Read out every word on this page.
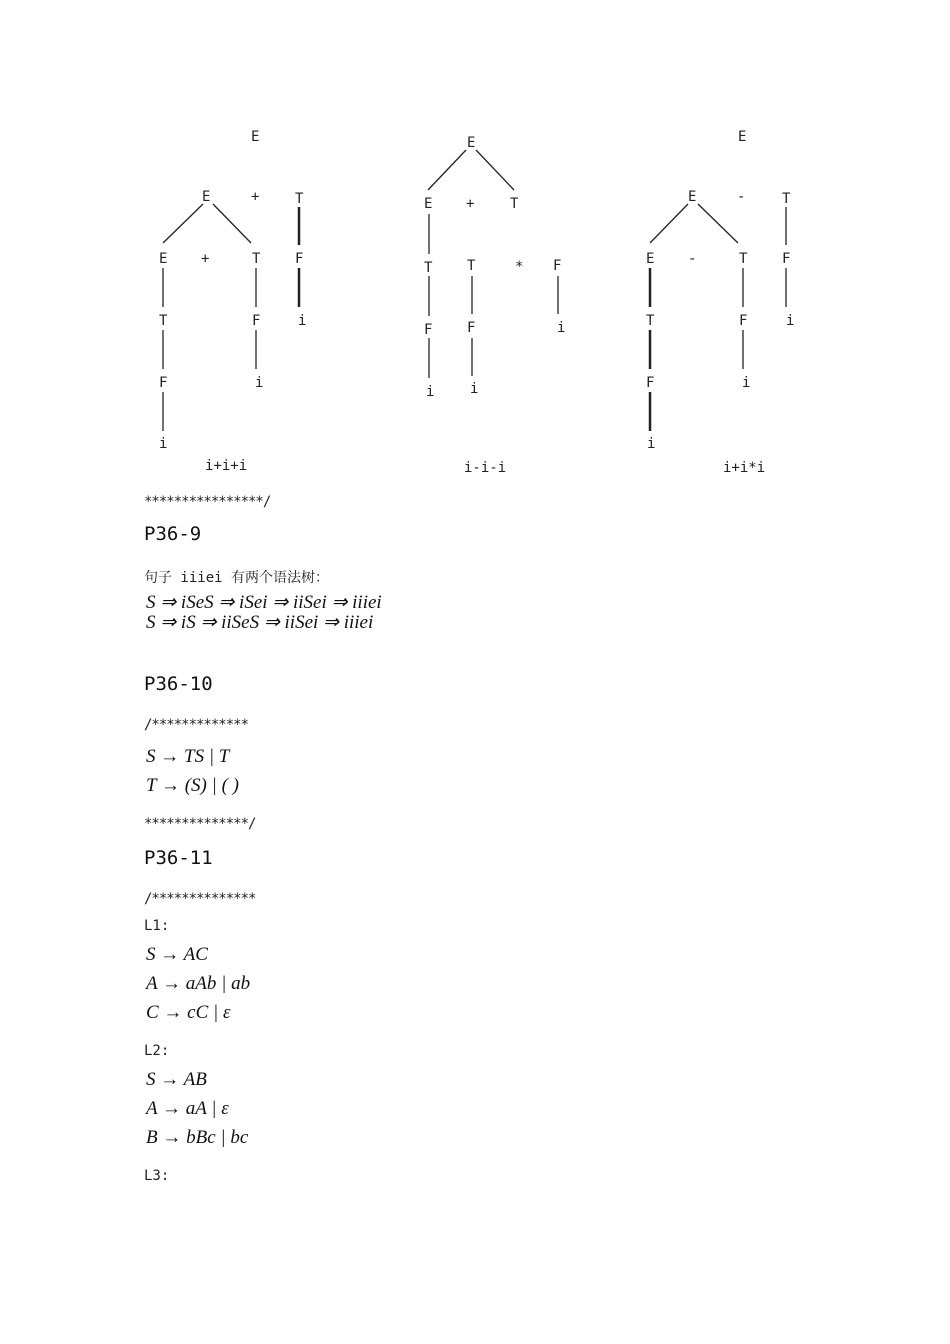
E
E	+	T
E +	T F
T	F	i
F	i
i
E
E +	T
T T	* F
F F	i
i	i
E
E	-	T
E -	T F
T	F	i
F	i
i
i+i+i	i-i-i	i+i*i
****************/
P36-9
句子 iiiei 有两个语法树：
S ⇒ iSeS ⇒ iSei ⇒ iiSei ⇒ iiiei
S ⇒ iS ⇒ iiSeS ⇒ iiSei ⇒ iiiei
P36-10
/*************
S → TS | T
T → (S) | ( )
**************/
P36-11
/**************
L1:
S → AC
A → aAb | ab
C → cC | ε
L2:
S → AB
A → aA | ε
B → bBc | bc
L3:
